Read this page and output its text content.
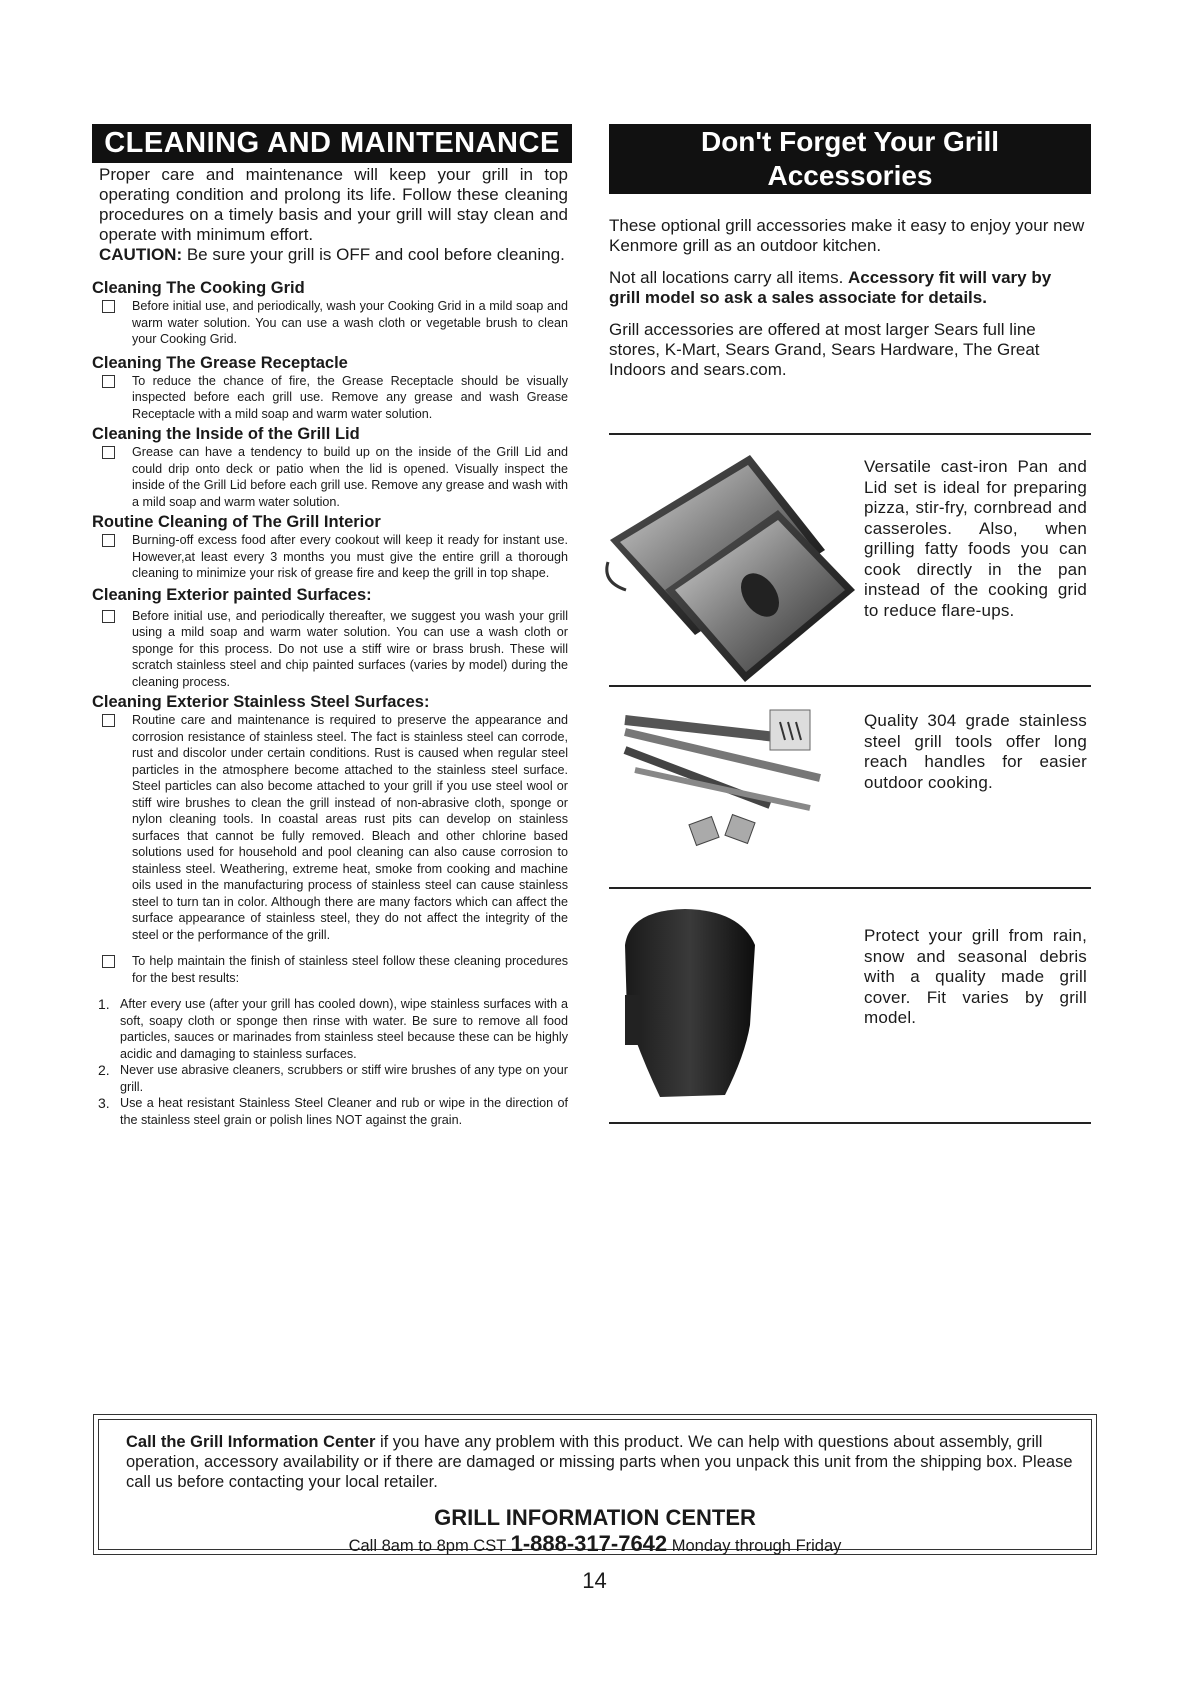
CLEANING AND MAINTENANCE
Proper care and maintenance will keep your grill in top operating condition and prolong its life. Follow these cleaning procedures on a timely basis and your grill will stay clean and operate with minimum effort.
CAUTION: Be sure your grill is OFF and cool before cleaning.
Cleaning The Cooking Grid
Before initial use, and periodically, wash your Cooking Grid in a mild soap and warm water solution. You can use a wash cloth or vegetable brush to clean your Cooking Grid.
Cleaning The Grease Receptacle
To reduce the chance of fire, the Grease Receptacle should be visually inspected before each grill use. Remove any grease and wash Grease Receptacle with a mild soap and warm water solution.
Cleaning the Inside of the Grill Lid
Grease can have a tendency to build up on the inside of the Grill Lid and could drip onto deck or patio when the lid is opened. Visually inspect the inside of the Grill Lid before each grill use. Remove any grease and wash with a mild soap and warm water solution.
Routine Cleaning of The Grill Interior
Burning-off excess food after every cookout will keep it ready for instant use. However,at least every 3 months you must give the entire grill a thorough cleaning to minimize your risk of grease fire and keep the grill in top shape.
Cleaning Exterior painted Surfaces:
Before initial use, and periodically thereafter, we suggest you wash your grill using a mild soap and warm water solution. You can use a wash cloth or sponge for this process. Do not use a stiff wire or brass brush. These will scratch stainless steel and chip painted surfaces (varies by model) during the cleaning process.
Cleaning Exterior Stainless Steel Surfaces:
Routine care and maintenance is required to preserve the appearance and corrosion resistance of stainless steel. The fact is stainless steel can corrode, rust and discolor under certain conditions. Rust is caused when regular steel particles in the atmosphere become attached to the stainless steel surface. Steel particles can also become attached to your grill if you use steel wool or stiff wire brushes to clean the grill instead of non-abrasive cloth, sponge or nylon cleaning tools. In coastal areas rust pits can develop on stainless surfaces that cannot be fully removed. Bleach and other chlorine based solutions used for household and pool cleaning can also cause corrosion to stainless steel. Weathering, extreme heat, smoke from cooking and machine oils used in the manufacturing process of stainless steel can cause stainless steel to turn tan in color. Although there are many factors which can affect the surface appearance of stainless steel, they do not affect the integrity of the steel or the performance of the grill.
To help maintain the finish of stainless steel follow these cleaning procedures for the best results:
1. After every use (after your grill has cooled down), wipe stainless surfaces with a soft, soapy cloth or sponge then rinse with water. Be sure to remove all food particles, sauces or marinades from stainless steel because these can be highly acidic and damaging to stainless surfaces.
2. Never use abrasive cleaners, scrubbers or stiff wire brushes of any type on your grill.
3. Use a heat resistant Stainless Steel Cleaner and rub or wipe in the direction of the stainless steel grain or polish lines NOT against the grain.
Don't Forget Your Grill
Accessories

These optional grill accessories make it easy to enjoy your new Kenmore grill as an outdoor kitchen.

Not all locations carry all items. Accessory fit will vary by grill model so ask a sales associate for details.

Grill accessories are offered at most larger Sears full line stores, K-Mart, Sears Grand, Sears Hardware, The Great Indoors and sears.com.

Versatile cast-iron Pan and Lid set is ideal for preparing pizza, stir-fry, cornbread and casseroles. Also, when grilling fatty foods you can cook directly in the pan instead of the cooking grid to reduce flare-ups.
Quality 304 grade stainless steel grill tools offer long reach handles for easier outdoor cooking.
Protect your grill from rain, snow and seasonal debris with a quality made grill cover. Fit varies by grill model.
Call the Grill Information Center if you have any problem with this product. We can help with questions about assembly, grill operation, accessory availability or if there are damaged or missing parts when you unpack this unit from the shipping box. Please call us before contacting your local retailer.
GRILL INFORMATION CENTER
Call 8am to 8pm CST 1-888-317-7642 Monday through Friday
14
